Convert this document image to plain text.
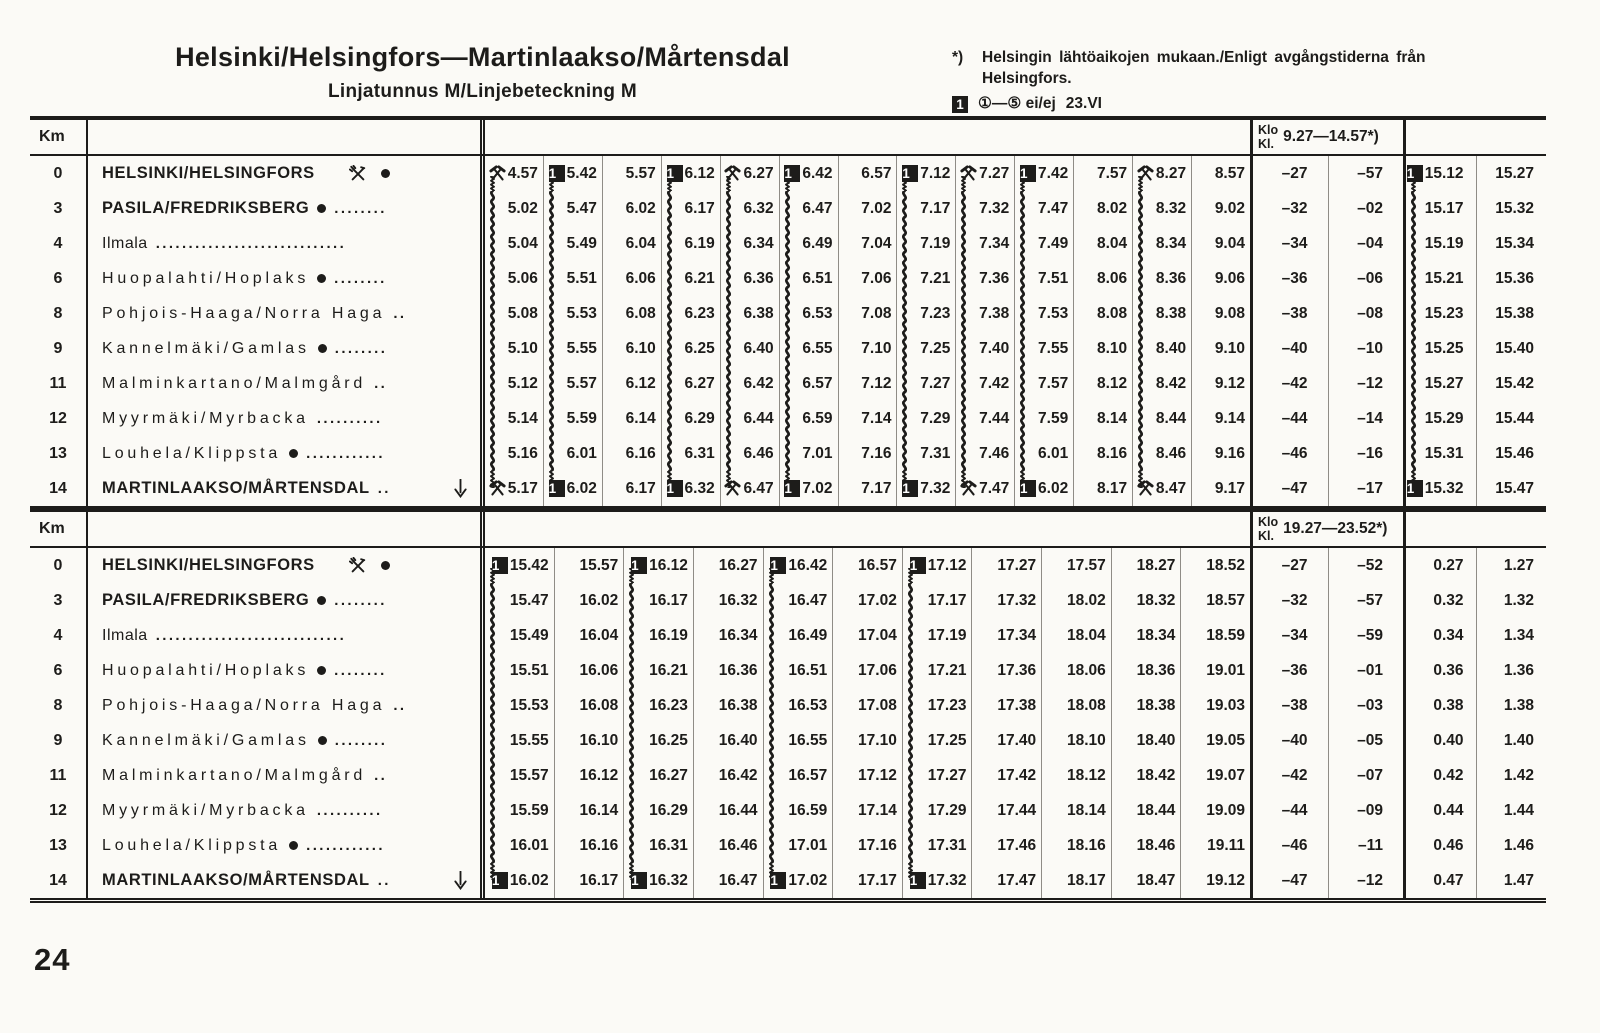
Helsinki/Helsingfors—Martinlaakso/Mårtensdal
Linjatunnus M/Linjebeteckning M
*)	Helsingin lähtöaikojen mukaan./Enligt avgångstiderna från
Helsingfors.
1 ①—⑤ ei/ej 23.VI
Km	Klo
Kl. 9.27—14.57*)
0	HELSINKI/HELSINGFORS	4.57 1 5.42 5.57 1 6.12 6.27 1 6.42 6.57 1 7.12 7.27 1 7.42 7.57 8.27 8.57 –27	–57 1 15.12 15.27
3	PASILA/FREDRIKSBERG ........	5.02 5.47 6.02 6.17 6.32 6.47 7.02 7.17 7.32 7.47 8.02 8.32 9.02 –32	–02	15.17 15.32
4	Ilmala .............................	5.04 5.49 6.04 6.19 6.34 6.49 7.04 7.19 7.34 7.49 8.04 8.34 9.04 –34	–04	15.19 15.34
6	Huopalahti/Hoplaks ........	5.06 5.51 6.06 6.21 6.36 6.51 7.06 7.21 7.36 7.51 8.06 8.36 9.06 –36	–06	15.21 15.36
8	Pohjois-Haaga/Norra Haga ..	5.08 5.53 6.08 6.23 6.38 6.53 7.08 7.23 7.38 7.53 8.08 8.38 9.08 –38	–08	15.23 15.38
9	Kannelmäki/Gamlas ........	5.10 5.55 6.10 6.25 6.40 6.55 7.10 7.25 7.40 7.55 8.10 8.40 9.10 –40	–10	15.25 15.40
11	Malminkartano/Malmgård ..	5.12 5.57 6.12 6.27 6.42 6.57 7.12 7.27 7.42 7.57 8.12 8.42 9.12 –42	–12	15.27 15.42
12	Myyrmäki/Myrbacka ..........	5.14 5.59 6.14 6.29 6.44 6.59 7.14 7.29 7.44 7.59 8.14 8.44 9.14 –44	–14	15.29 15.44
13	Louhela/Klippsta ............	5.16 6.01 6.16 6.31 6.46 7.01 7.16 7.31 7.46 6.01 8.16 8.46 9.16 –46	–16	15.31 15.46
14	MARTINLAAKSO/MÅRTENSDAL ..	5.17 1 6.02 6.17 1 6.32 6.47 1 7.02 7.17 1 7.32 7.47 1 6.02 8.17 8.47 9.17 –47	–17 1 15.32 15.47
Km	Klo
Kl. 19.27—23.52*)
0	HELSINKI/HELSINGFORS	1 15.42 15.57 1 16.12 16.27 1 16.42 16.57 1 17.12 17.27 17.57 18.27 18.52 –27	–52	0.27	1.27
3	PASILA/FREDRIKSBERG ........	15.47 16.02 16.17 16.32 16.47 17.02 17.17 17.32 18.02 18.32 18.57 –32	–57	0.32	1.32
4	Ilmala .............................	15.49 16.04 16.19 16.34 16.49 17.04 17.19 17.34 18.04 18.34 18.59 –34	–59	0.34	1.34
6	Huopalahti/Hoplaks ........	15.51 16.06 16.21 16.36 16.51 17.06 17.21 17.36 18.06 18.36 19.01 –36	–01	0.36	1.36
8	Pohjois-Haaga/Norra Haga ..	15.53 16.08 16.23 16.38 16.53 17.08 17.23 17.38 18.08 18.38 19.03 –38	–03	0.38	1.38
9	Kannelmäki/Gamlas ........	15.55 16.10 16.25 16.40 16.55 17.10 17.25 17.40 18.10 18.40 19.05 –40	–05	0.40	1.40
11	Malminkartano/Malmgård ..	15.57 16.12 16.27 16.42 16.57 17.12 17.27 17.42 18.12 18.42 19.07 –42	–07	0.42	1.42
12	Myyrmäki/Myrbacka ..........	15.59 16.14 16.29 16.44 16.59 17.14 17.29 17.44 18.14 18.44 19.09 –44	–09	0.44	1.44
13	Louhela/Klippsta ............	16.01 16.16 16.31 16.46 17.01 17.16 17.31 17.46 18.16 18.46 19.11 –46	–11	0.46	1.46
14	MARTINLAAKSO/MÅRTENSDAL ..	1 16.02 16.17 1 16.32 16.47 1 17.02 17.17 1 17.32 17.47 18.17 18.47 19.12 –47	–12	0.47	1.47
24
